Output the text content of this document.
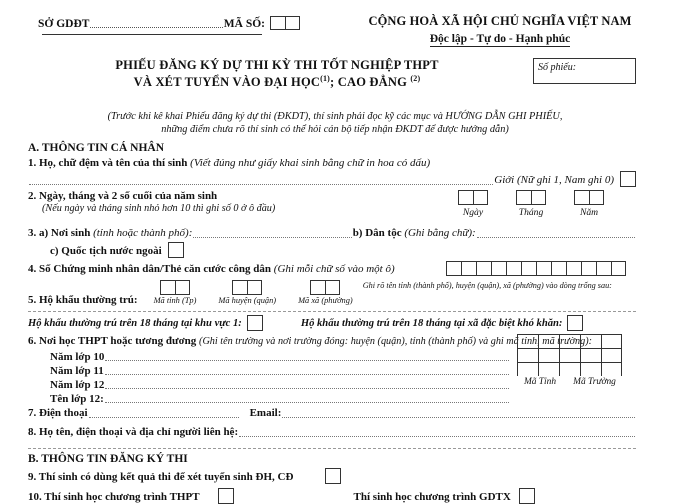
SỞ GDĐT	MÃ SỐ:	CỘNG HOÀ XÃ HỘI CHỦ NGHĨA VIỆT NAM
Độc lập - Tự do - Hạnh phúc
PHIẾU ĐĂNG KÝ DỰ THI KỲ THI TỐT NGHIỆP THPT
VÀ XÉT TUYỂN VÀO ĐẠI HỌC$^{(1)}$; CAO ĐẲNG $^{(2)}$
Số phiếu:
(Trước khi kê khai Phiếu đăng ký dự thi (ĐKDT), thí sinh phải đọc kỹ các mục và HƯỚNG DẪN GHI PHIẾU,
những điểm chưa rõ thí sinh có thể hỏi cán bộ tiếp nhận ĐKDT để được hướng dẫn)
A. THÔNG TIN CÁ NHÂN
1. Họ, chữ đệm và tên của thí sinh
(Viết đúng như giấy khai sinh bằng chữ in hoa có dấu)
Giới (Nữ ghi 1, Nam ghi 0)
2. Ngày, tháng và 2 số cuối của năm sinh
(Nếu ngày và tháng sinh nhỏ hơn 10 thì ghi số 0 ở ô đầu)	Ngày	Tháng	Năm
3. a) Nơi sinh
(tỉnh hoặc thành phố):	b) Dân tộc
(Ghi bằng chữ):
c) Quốc tịch nước ngoài
4. Số Chứng minh nhân dân/Thẻ căn cước công dân
(Ghi mỗi chữ số vào một ô)
5. Hộ khẩu thường trú: Mã tỉnh (Tp)	Mã huyện (quận)	Mã xã (phường)
Ghi rõ tên tỉnh (thành phố), huyện (quận), xã (phường) vào dòng trống sau:
Hộ khẩu thường trú trên 18 tháng tại khu vực 1:	Hộ khẩu thường trú trên 18 tháng tại xã đặc biệt khó khăn:
6. Nơi học THPT hoặc tương đương
(Ghi tên trường và nơi trường đóng: huyện (quận), tỉnh (thành phố) và ghi mã tỉnh, mã trường):
Năm lớp 10
Năm lớp 11
Năm lớp 12
Tên lớp 12:
Mã Tỉnh	Mã Trường
7. Điện thoại	Email:
8. Họ tên, điện thoại và địa chỉ người liên hệ:
B. THÔNG TIN ĐĂNG KÝ THI
9. Thí sinh có dùng kết quả thi để xét tuyển sinh ĐH, CĐ
10. Thí sinh học chương trình THPT	Thí sinh học chương trình GDTX
